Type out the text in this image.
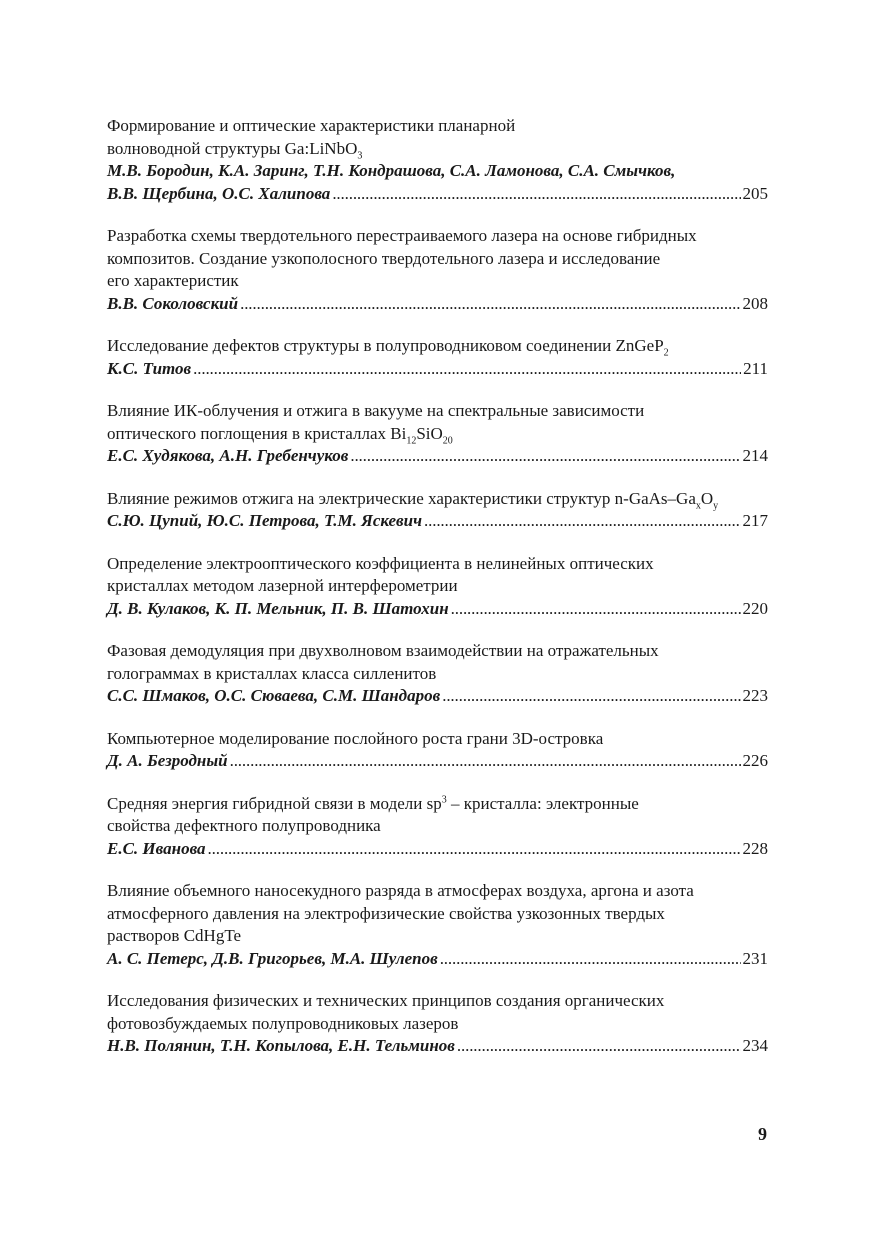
Формирование и оптические характеристики планарной
волноводной структуры Ga:LiNbO$_3$
М.В. Бородин, К.А. Заринг, Т.Н. Кондрашова, С.А. Ламонова, С.А. Смычков,
В.В. Щербина, О.С. Халипова . . .	205
Разработка схемы твердотельного перестраиваемого лазера на основе гибридных
композитов. Создание узкополосного твердотельного лазера и исследование
его характеристик
В.В. Соколовский . . .	208
Исследование дефектов структуры в полупроводниковом соединении ZnGeP$_2$
К.С. Титов . . .	211
Влияние ИК-облучения и отжига в вакууме на спектральные зависимости
оптического поглощения в кристаллах $Bi_{12}SiO_{20}$
Е.С. Худякова, А.Н. Гребенчуков . . .	214
Влияние режимов отжига на электрические характеристики структур $n-GaAs-Ga_xO_y$
С.Ю. Цупий, Ю.С. Петрова, Т.М. Яскевич . . .	217
Определение электрооптического коэффициента в нелинейных оптических
кристаллах методом лазерной интерферометрии
Д. В. Кулаков, К. П. Мельник, П. В. Шатохин . . .	220
Фазовая демодуляция при двухволновом взаимодействии на отражательных
голограммах в кристаллах класса силленитов
С.С. Шмаков, О.С. Сюваева, С.М. Шандаров . . .	223
Компьютерное моделирование послойного роста грани 3D-островка
Д. А. Безродный . . .	226
Средняя энергия гибридной связи в модели $sp^3$ – кристалла: электронные
свойства дефектного полупроводника
Е.С. Иванова . . .	228
Влияние объемного наносекудного разряда в атмосферах воздуха, аргона и азота
атмосферного давления на электрофизические свойства узкозонных твердых
растворов CdHgTe
А. С. Петерс, Д.В. Григорьев, М.А. Шулепов . . .	231
Исследования физических и технических принципов создания органических
фотовозбуждаемых полупроводниковых лазеров
Н.В. Полянин, Т.Н. Копылова, Е.Н. Тельминов . . .	234
9
